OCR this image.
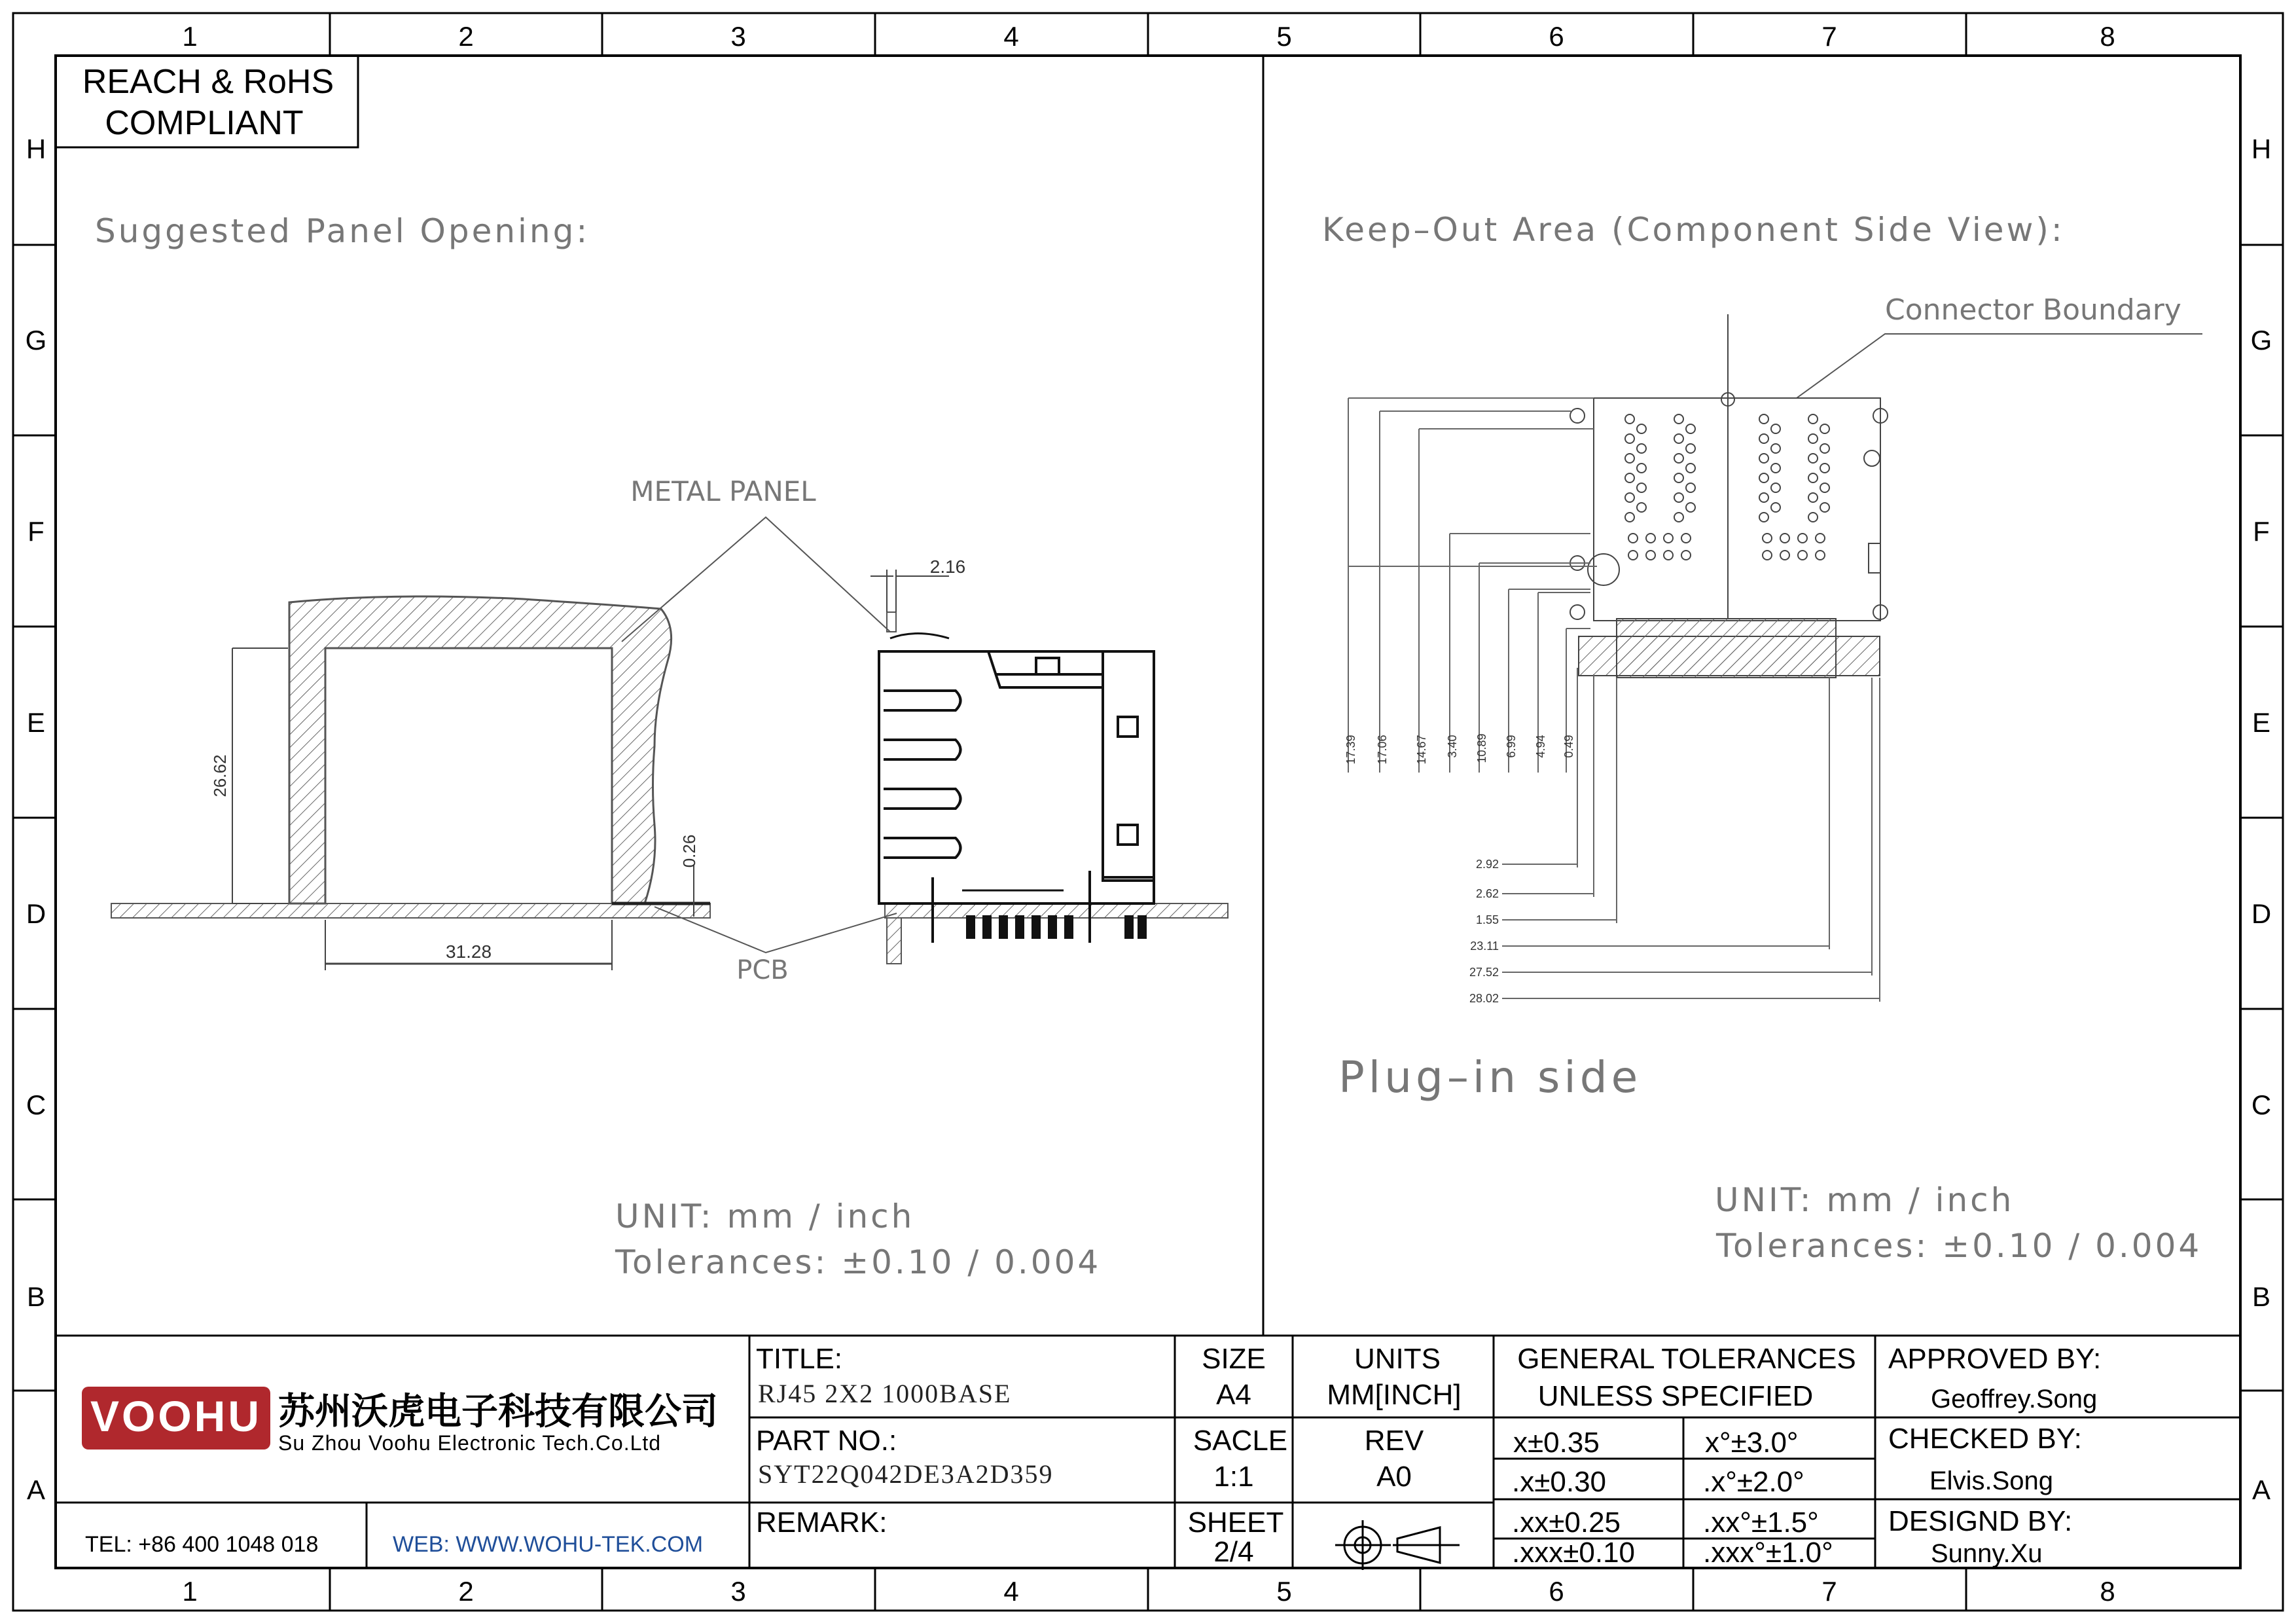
1	2	3	4	5	6	7	8
1	2	3	4	5	6	7	8
H
G
F
E
D
C
B
A
H
G
F
E
D
C
B
A
REACH & RoHS
COMPLIANT
Suggested Panel Opening:
26.62
31.28
0.26
METAL PANEL
2.16
PCB
UNIT: mm / inch
Tolerances: ±0.10 / 0.004
Keep–Out Area (Component Side View):
Connector Boundary
17.39 17.06 14.67 3.40 10.89 6.99 4.94 0.49
2.92
2.62
1.55
23.11
27.52
28.02
Plug–in side
UNIT: mm / inch
Tolerances: ±0.10 / 0.004
VOOHU 苏州沃虎电子科技有限公司
Su Zhou Voohu Electronic Tech.Co.Ltd
TEL: +86 400 1048 018	WEB: WWW.WOHU-TEK.COM
TITLE:
RJ45 2X2 1000BASE
PART NO.:
SYT22Q042DE3A2D359
REMARK:
SIZE
A4
SACLE
1:1
SHEET
2/4
UNITS
MM[INCH]
REV
A0
GENERAL TOLERANCES
UNLESS SPECIFIED
x±0.35	x°±3.0°
.x±0.30	.x°±2.0°
.xx±0.25	.xx°±1.5°
.xxx±0.10 .xxx°±1.0°
APPROVED BY:
Geoffrey.Song
CHECKED BY:
Elvis.Song
DESIGND BY:
Sunny.Xu
